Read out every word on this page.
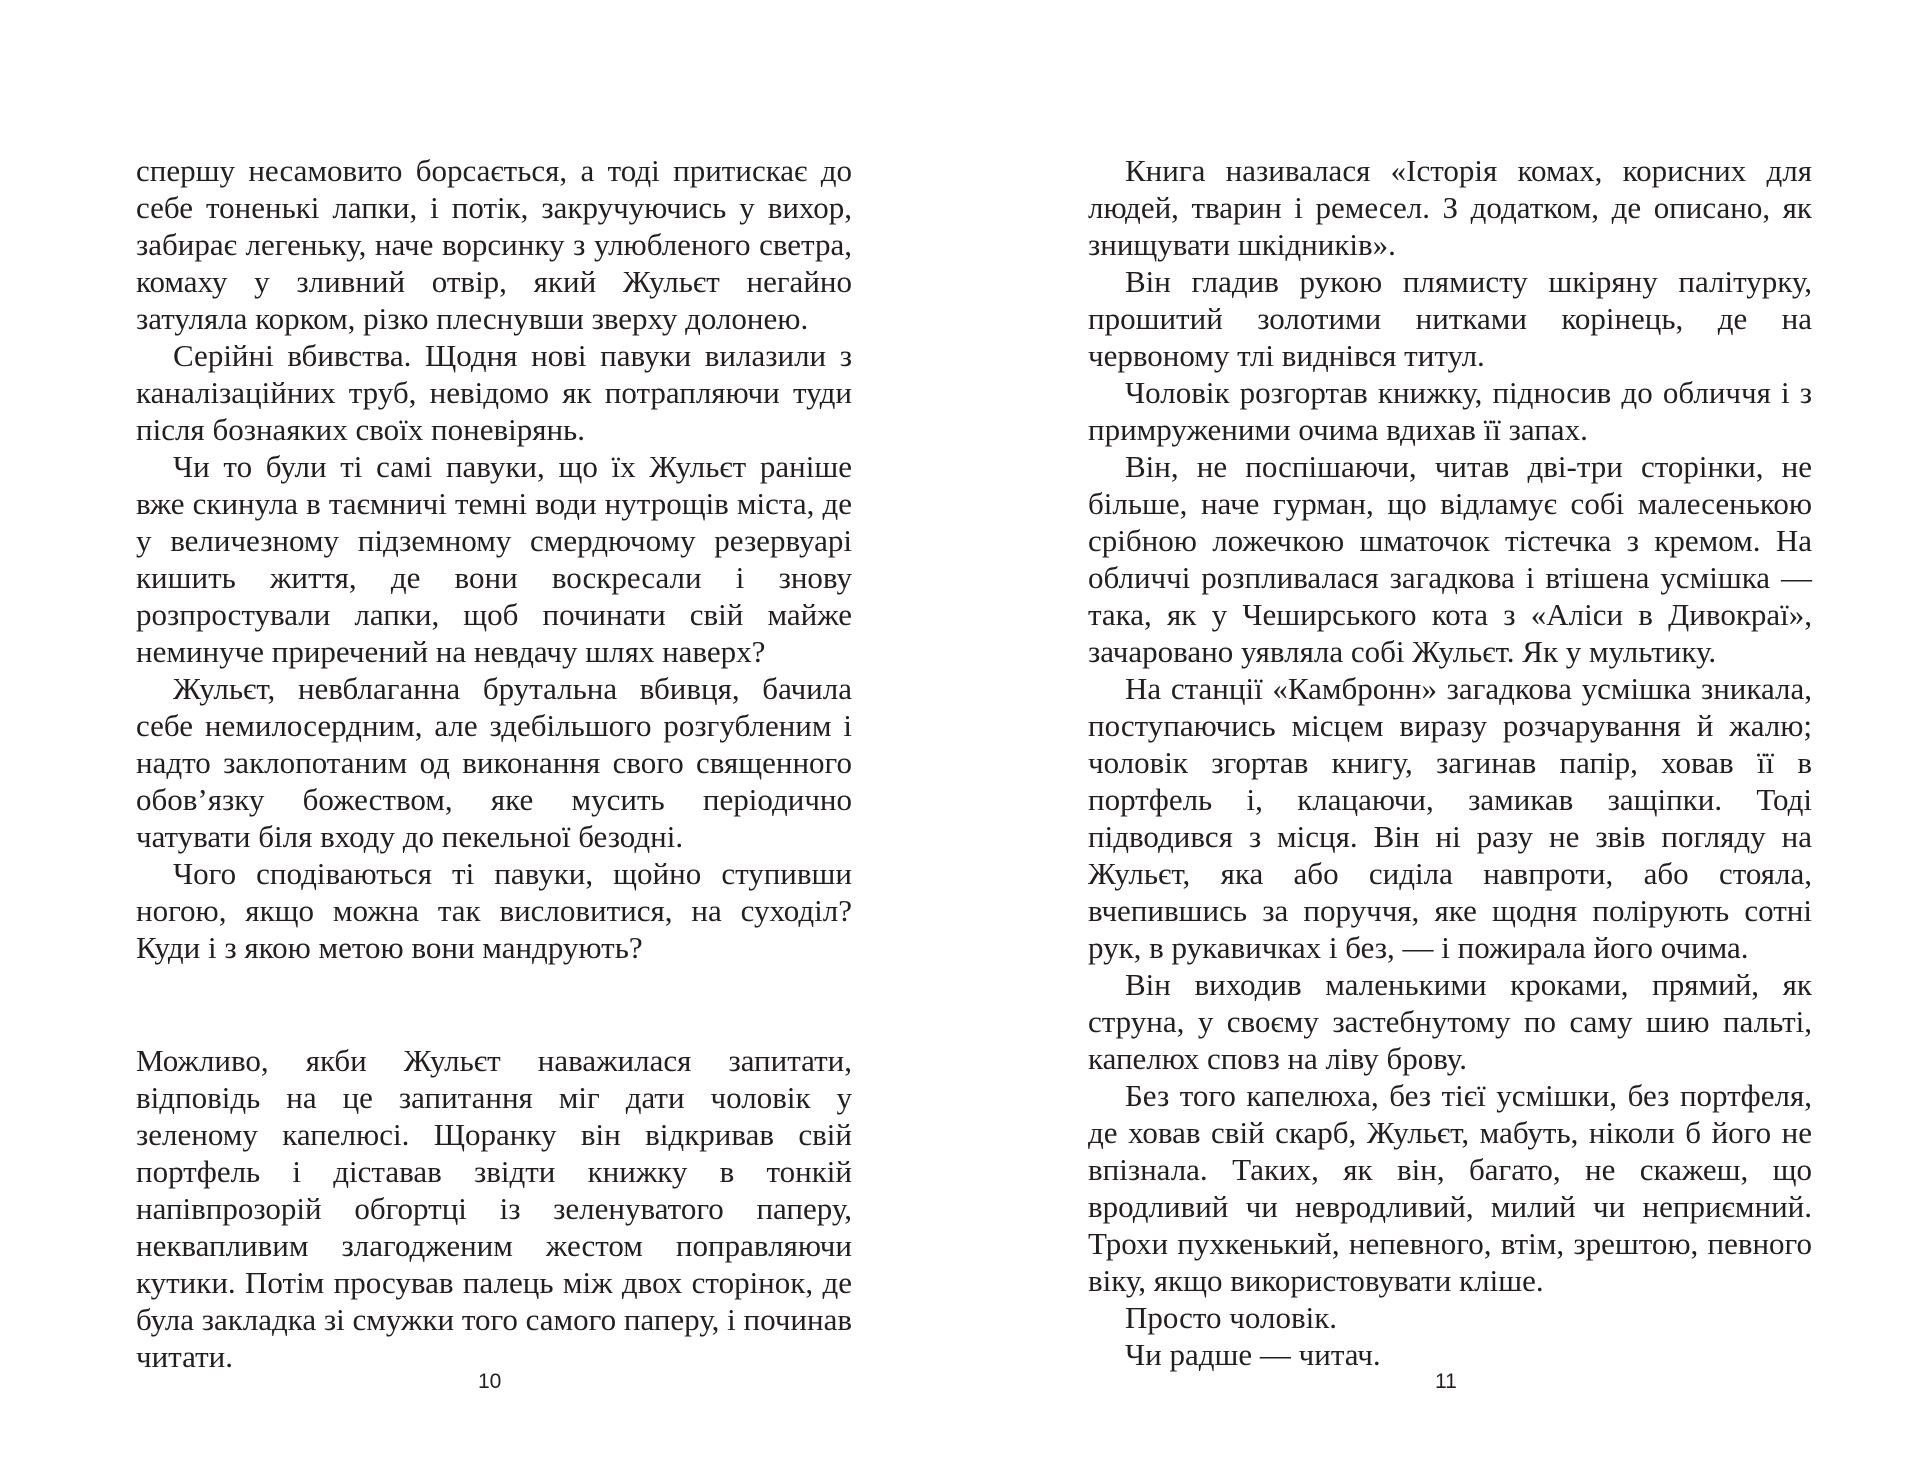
спершу несамовито борсається, а тоді притискає до себе тоненькі лапки, і потік, закручуючись у вихор, забирає легеньку, наче ворсинку з улюбленого светра, комаху у зливний отвір, який Жульєт негайно затуляла корком, різко плеснувши зверху долонею.

Серійні вбивства. Щодня нові павуки вилазили з каналізаційних труб, невідомо як потрапляючи туди після бознаяких своїх поневірянь.

Чи то були ті самі павуки, що їх Жульєт раніше вже скинула в таємничі темні води нутрощів міста, де у величезному підземному смердючому резервуарі кишить життя, де вони воскресали і знову розпростували лапки, щоб починати свій майже неминуче приречений на невдачу шлях наверх?

Жульєт, невблаганна брутальна вбивця, бачила себе немилосердним, але здебільшого розгубленим і надто заклопотаним од виконання свого священного обов’язку божеством, яке мусить періодично чатувати біля входу до пекельної безодні.

Чого сподіваються ті павуки, щойно ступивши ногою, якщо можна так висловитися, на суходіл? Куди і з якою метою вони мандрують?

Можливо, якби Жульєт наважилася запитати, відповідь на це запитання міг дати чоловік у зеленому капелюсі. Щоранку він відкривав свій портфель і діставав звідти книжку в тонкій напівпрозорій обгортці із зеленуватого паперу, неквапливим злагодженим жестом поправляючи кутики. Потім просував палець між двох сторінок, де була закладка зі смужки того самого паперу, і починав читати.

10

Книга називалася «Історія комах, корисних для людей, тварин і ремесел. З додатком, де описано, як знищувати шкідників».

Він гладив рукою плямисту шкіряну палітурку, прошитий золотими нитками корінець, де на червоному тлі виднівся титул.

Чоловік розгортав книжку, підносив до обличчя і з примруженими очима вдихав її запах.

Він, не поспішаючи, читав дві-три сторінки, не більше, наче гурман, що відламує собі малесенькою срібною ложечкою шматочок тістечка з кремом. На обличчі розпливалася загадкова і втішена усмішка — така, як у Чеширського кота з «Аліси в Дивокраї», зачаровано уявляла собі Жульєт. Як у мультику.

На станції «Камбронн» загадкова усмішка зникала, поступаючись місцем виразу розчарування й жалю; чоловік згортав книгу, загинав папір, ховав її в портфель і, клацаючи, замикав защіпки. Тоді підводився з місця. Він ні разу не звів погляду на Жульєт, яка або сиділа навпроти, або стояла, вчепившись за поруччя, яке щодня полірують сотні рук, в рукавичках і без, — і пожирала його очима.

Він виходив маленькими кроками, прямий, як струна, у своєму застебнутому по саму шию пальті, капелюх сповз на ліву брову.

Без того капелюха, без тієї усмішки, без портфеля, де ховав свій скарб, Жульєт, мабуть, ніколи б його не впізнала. Таких, як він, багато, не скажеш, що вродливий чи невродливий, милий чи неприємний. Трохи пухкенький, непевного, втім, зрештою, певного віку, якщо використовувати кліше.

Просто чоловік.

Чи радше — читач.

11
